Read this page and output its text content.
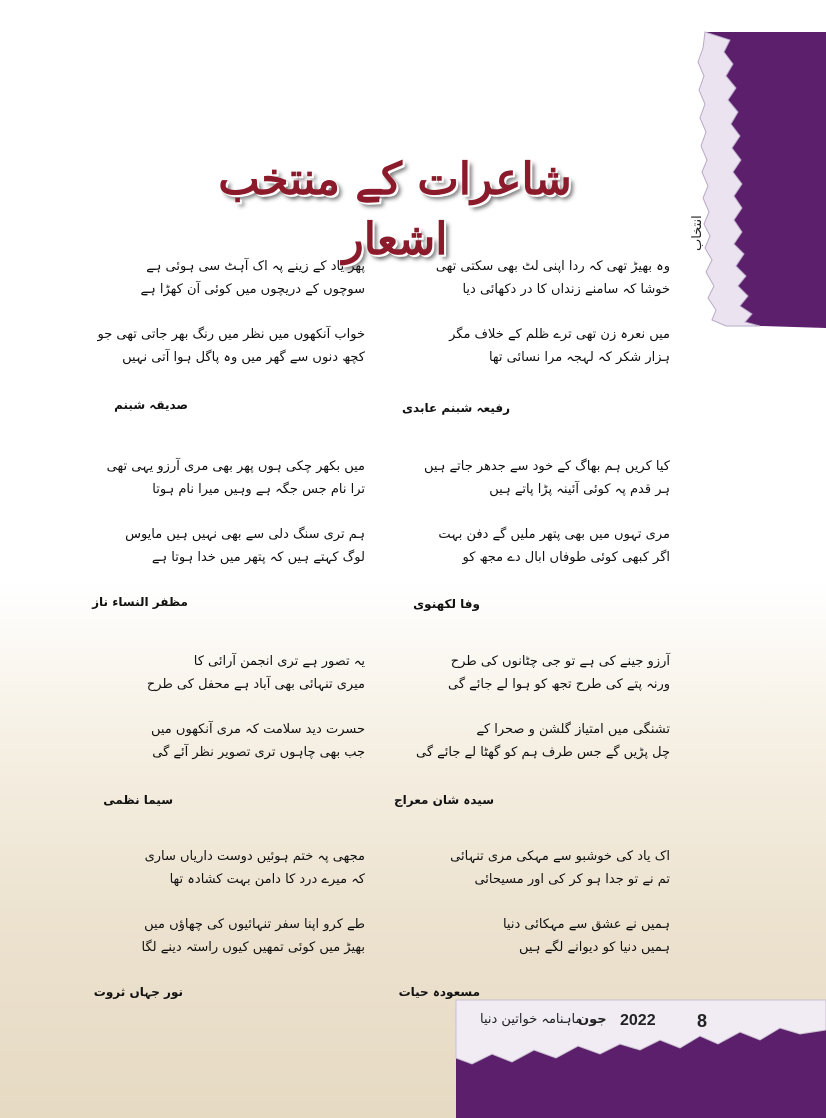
شاعرات کے منتخب اشعار	انتخاب
پھر یاد کے زینے پہ اک آہٹ سی ہوئی ہے
سوچوں کے دریچوں میں کوئی آن کھڑا ہے
خواب آنکھوں میں نظر میں رنگ بھر جاتی تھی جو
کچھ دنوں سے گھر میں وہ پاگل ہوا آتی نہیں
صدیقہ شبنم
میں بکھر چکی ہوں پھر بھی مری آرزو یہی تھی
ترا نام جس جگہ ہے وہیں میرا نام ہوتا
ہم تری سنگ دلی سے بھی نہیں ہیں مایوس
لوگ کہتے ہیں کہ پتھر میں خدا ہوتا ہے
مظفر النساء ناز
یہ تصور ہے تری انجمن آرائی کا
میری تنہائی بھی آباد ہے محفل کی طرح
حسرت دید سلامت کہ مری آنکھوں میں
جب بھی چاہوں تری تصویر نظر آئے گی
سیما نظمی
مجھی پہ ختم ہوئیں دوست داریاں ساری
کہ میرے درد کا دامن بہت کشادہ تھا
طے کرو اپنا سفر تنہائیوں کی چھاؤں میں
بھیڑ میں کوئی تمھیں کیوں راستہ دینے لگا
نور جہاں ثروت
وہ بھیڑ تھی کہ ردا اپنی لٹ بھی سکتی تھی
خوشا کہ سامنے زنداں کا در دکھائی دیا
میں نعرہ زن تھی ترے ظلم کے خلاف مگر
ہزار شکر کہ لہجہ مرا نسائی تھا
رفیعہ شبنم عابدی
کیا کریں ہم بھاگ کے خود سے جدھر جاتے ہیں
ہر قدم پہ کوئی آئینہ پڑا پاتے ہیں
مری تہوں میں بھی پتھر ملیں گے دفن بہت
اگر کبھی کوئی طوفاں ابال دے مجھ کو
وفا لکھنوی
آرزو جینے کی ہے تو جی چٹانوں کی طرح
ورنہ پتے کی طرح تجھ کو ہوا لے جائے گی
تشنگی میں امتیاز گلشن و صحرا کے
چل پڑیں گے جس طرف ہم کو گھٹا لے جائے گی
سیدہ شان معراج
اک یاد کی خوشبو سے مہکی مری تنہائی
تم نے تو جدا ہو کر کی اور مسیحائی
ہمیں نے عشق سے مہکائی دنیا
ہمیں دنیا کو دیوانے لگے ہیں
مسعودہ حیات
8
2022
جون
ماہنامہ خواتین دنیا
